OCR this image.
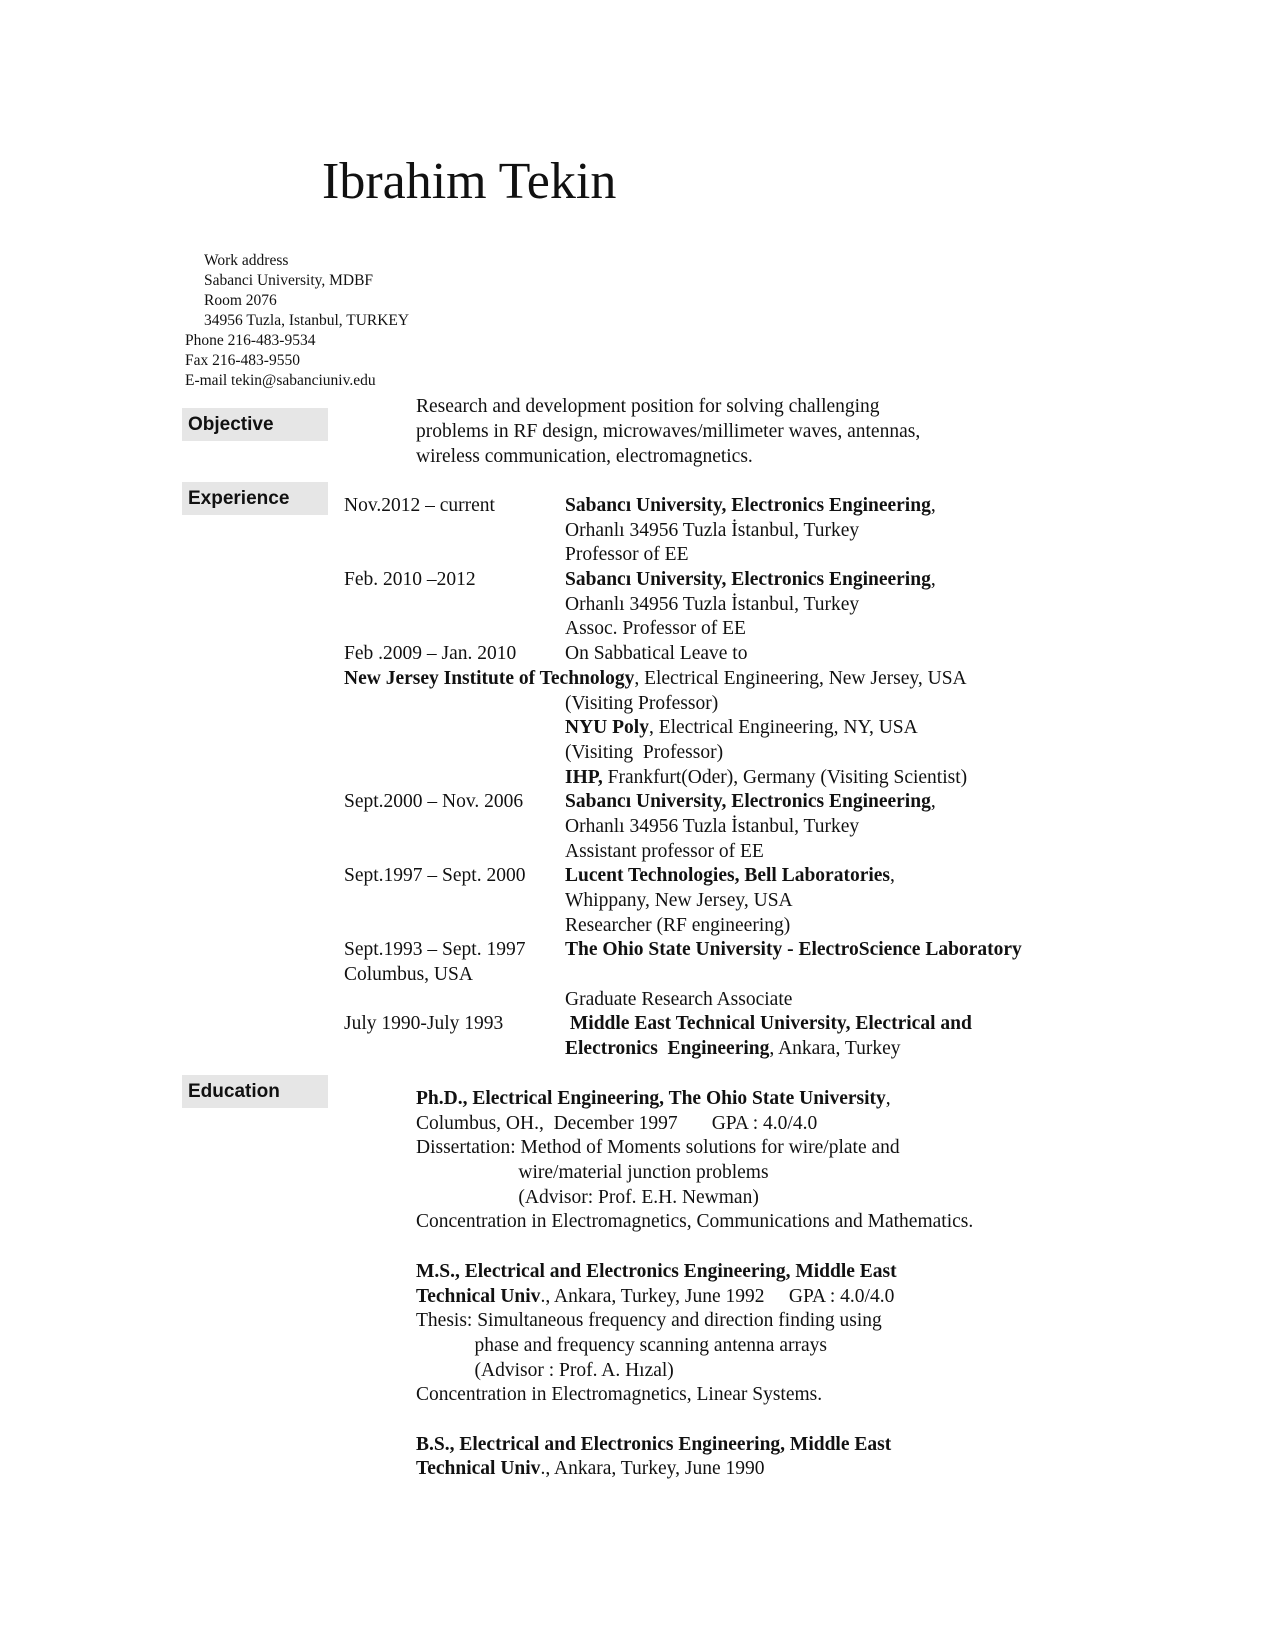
Ibrahim Tekin
Work address
Sabanci University, MDBF
Room 2076
34956 Tuzla, Istanbul, TURKEY
Phone 216-483-9534
Fax 216-483-9550
E-mail tekin@sabanciuniv.edu
Objective
Experience
Education
Research and development position for solving challenging
problems in RF design, microwaves/millimeter waves, antennas,
wireless communication, electromagnetics.
Nov.2012 – current	Sabancı University, Electronics Engineering,
Orhanlı 34956 Tuzla İstanbul, Turkey
Professor of EE
Feb. 2010 –2012	Sabancı University, Electronics Engineering,
Orhanlı 34956 Tuzla İstanbul, Turkey
Assoc. Professor of EE
Feb .2009 – Jan. 2010	On Sabbatical Leave to
New Jersey Institute of Technology, Electrical Engineering, New Jersey, USA
(Visiting Professor)
NYU Poly, Electrical Engineering, NY, USA
(Visiting  Professor)
IHP, Frankfurt(Oder), Germany (Visiting Scientist)
Sept.2000 – Nov. 2006 Sabancı University, Electronics Engineering,
Orhanlı 34956 Tuzla İstanbul, Turkey
Assistant professor of EE
Sept.1997 – Sept. 2000 Lucent Technologies, Bell Laboratories,
Whippany, New Jersey, USA
Researcher (RF engineering)
Sept.1993 – Sept. 1997 The Ohio State University - ElectroScience Laboratory
Columbus, USA
Graduate Research Associate
July 1990-July 1993	Middle East Technical University, Electrical and
Electronics  Engineering, Ankara, Turkey
Ph.D., Electrical Engineering, The Ohio State University,
Columbus, OH.,  December 1997       GPA : 4.0/4.0
Dissertation: Method of Moments solutions for wire/plate and
wire/material junction problems
(Advisor: Prof. E.H. Newman)
Concentration in Electromagnetics, Communications and Mathematics.
M.S., Electrical and Electronics Engineering, Middle East
Technical Univ., Ankara, Turkey, June 1992     GPA : 4.0/4.0
Thesis: Simultaneous frequency and direction finding using
phase and frequency scanning antenna arrays
(Advisor : Prof. A. Hızal)
Concentration in Electromagnetics, Linear Systems.
B.S., Electrical and Electronics Engineering, Middle East
Technical Univ., Ankara, Turkey, June 1990
